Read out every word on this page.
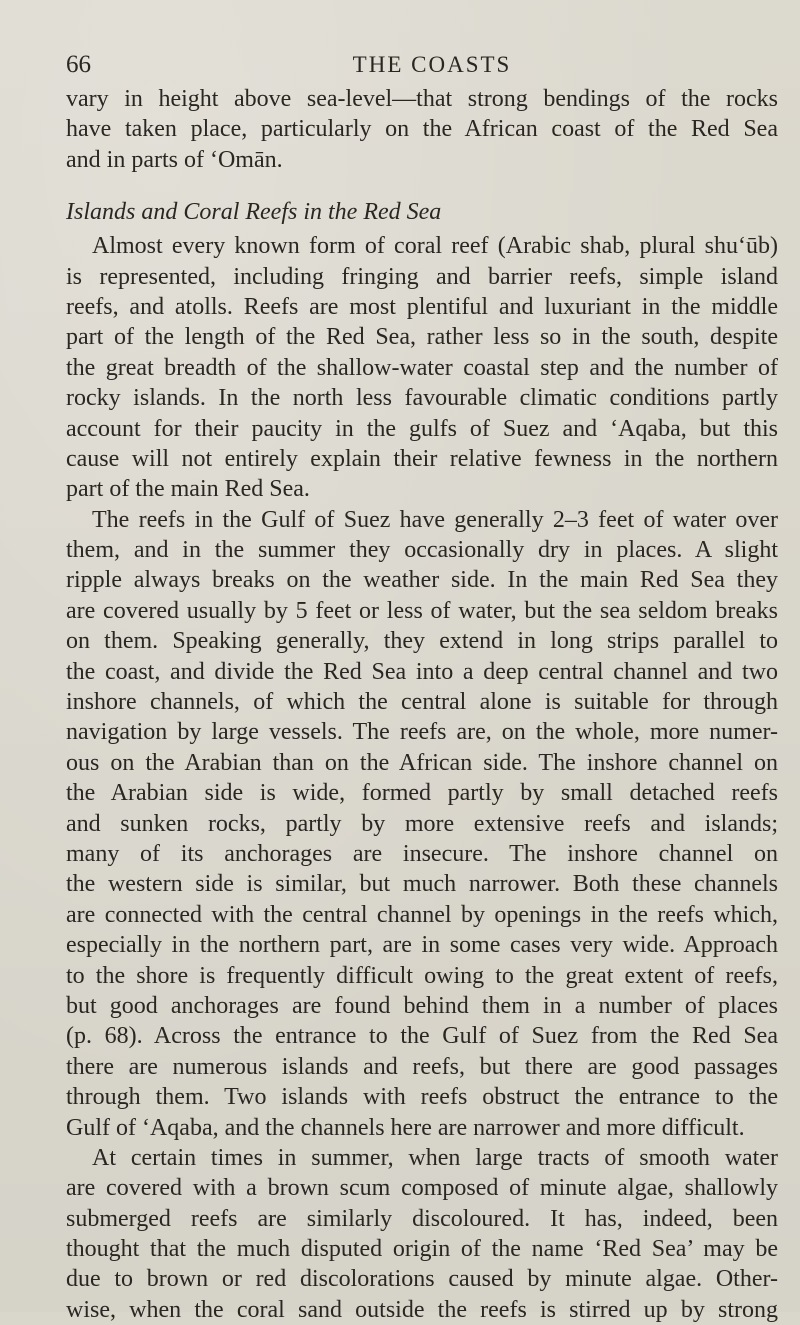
66	THE COASTS
vary in height above sea-level—that strong bendings of the rocks
have taken place, particularly on the African coast of the Red Sea
and in parts of ‘Omān.
Islands and Coral Reefs in the Red Sea
Almost every known form of coral reef (Arabic shab, plural shu‘ūb)
is represented, including fringing and barrier reefs, simple island
reefs, and atolls. Reefs are most plentiful and luxuriant in the middle
part of the length of the Red Sea, rather less so in the south, despite
the great breadth of the shallow-water coastal step and the number of
rocky islands. In the north less favourable climatic conditions partly
account for their paucity in the gulfs of Suez and ‘Aqaba, but this
cause will not entirely explain their relative fewness in the northern
part of the main Red Sea.
The reefs in the Gulf of Suez have generally 2–3 feet of water over
them, and in the summer they occasionally dry in places. A slight
ripple always breaks on the weather side. In the main Red Sea they
are covered usually by 5 feet or less of water, but the sea seldom breaks
on them. Speaking generally, they extend in long strips parallel to
the coast, and divide the Red Sea into a deep central channel and two
inshore channels, of which the central alone is suitable for through
navigation by large vessels. The reefs are, on the whole, more numer-
ous on the Arabian than on the African side. The inshore channel on
the Arabian side is wide, formed partly by small detached reefs
and sunken rocks, partly by more extensive reefs and islands;
many of its anchorages are insecure. The inshore channel on
the western side is similar, but much narrower. Both these channels
are connected with the central channel by openings in the reefs which,
especially in the northern part, are in some cases very wide. Approach
to the shore is frequently difficult owing to the great extent of reefs,
but good anchorages are found behind them in a number of places
(p. 68). Across the entrance to the Gulf of Suez from the Red Sea
there are numerous islands and reefs, but there are good passages
through them. Two islands with reefs obstruct the entrance to the
Gulf of ‘Aqaba, and the channels here are narrower and more difficult.
At certain times in summer, when large tracts of smooth water
are covered with a brown scum composed of minute algae, shallowly
submerged reefs are similarly discoloured. It has, indeed, been
thought that the much disputed origin of the name ‘Red Sea’ may be
due to brown or red discolorations caused by minute algae. Other-
wise, when the coral sand outside the reefs is stirred up by strong
